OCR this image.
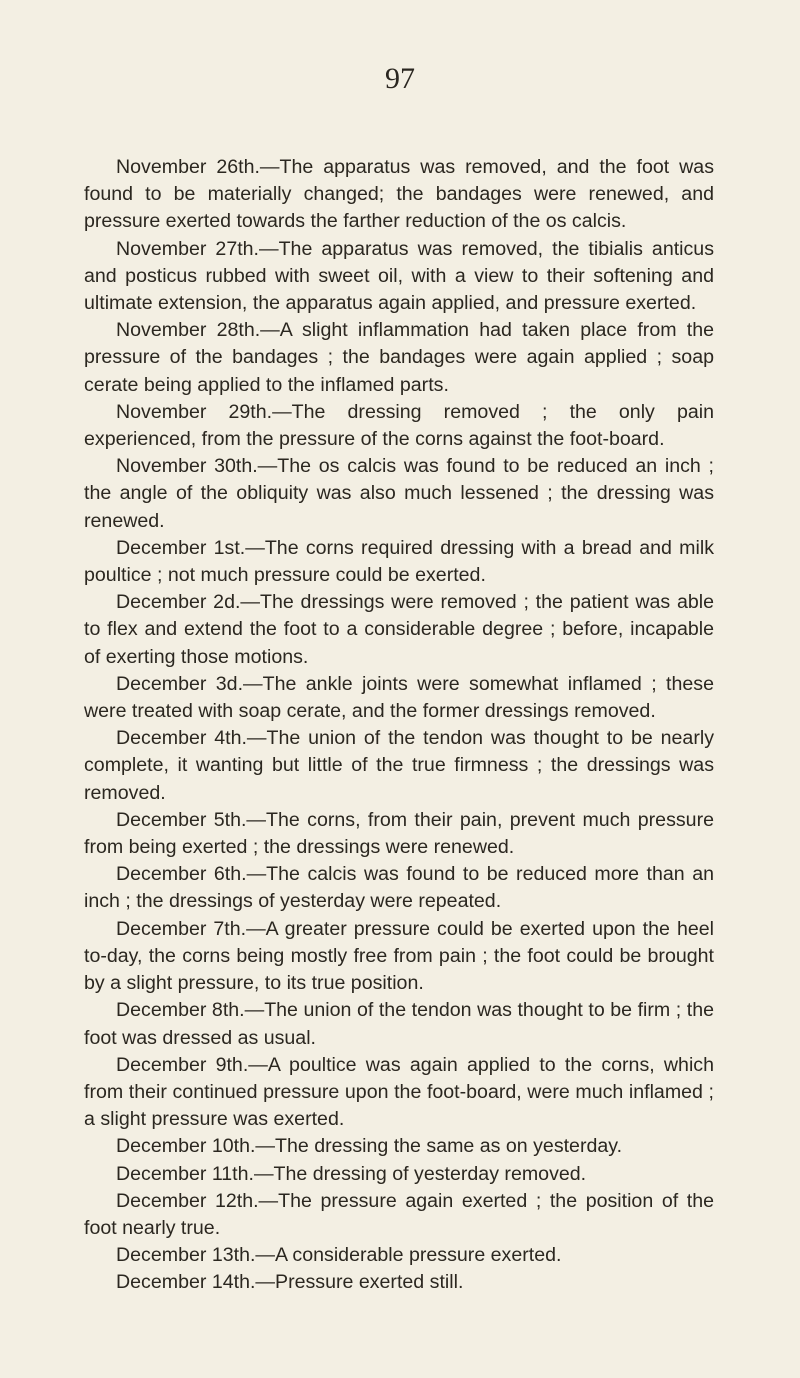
97

November 26th.—The apparatus was removed, and the foot was found to be materially changed; the bandages were renewed, and pressure exerted towards the farther reduction of the os calcis.

November 27th.—The apparatus was removed, the tibialis anticus and posticus rubbed with sweet oil, with a view to their softening and ultimate extension, the apparatus again applied, and pressure exerted.

November 28th.—A slight inflammation had taken place from the pressure of the bandages ; the bandages were again applied ; soap cerate being applied to the inflamed parts.

November 29th.—The dressing removed ; the only pain experienced, from the pressure of the corns against the foot-board.

November 30th.—The os calcis was found to be reduced an inch ; the angle of the obliquity was also much lessened ; the dressing was renewed.

December 1st.—The corns required dressing with a bread and milk poultice ; not much pressure could be exerted.

December 2d.—The dressings were removed ; the patient was able to flex and extend the foot to a considerable degree ; before, incapable of exerting those motions.

December 3d.—The ankle joints were somewhat inflamed ; these were treated with soap cerate, and the former dressings removed.

December 4th.—The union of the tendon was thought to be nearly complete, it wanting but little of the true firmness ; the dressings was removed.

December 5th.—The corns, from their pain, prevent much pressure from being exerted ; the dressings were renewed.

December 6th.—The calcis was found to be reduced more than an inch ; the dressings of yesterday were repeated.

December 7th.—A greater pressure could be exerted upon the heel to-day, the corns being mostly free from pain ; the foot could be brought by a slight pressure, to its true position.

December 8th.—The union of the tendon was thought to be firm ; the foot was dressed as usual.

December 9th.—A poultice was again applied to the corns, which from their continued pressure upon the foot-board, were much inflamed ; a slight pressure was exerted.

December 10th.—The dressing the same as on yesterday.

December 11th.—The dressing of yesterday removed.

December 12th.—The pressure again exerted ; the position of the foot nearly true.

December 13th.—A considerable pressure exerted.

December 14th.—Pressure exerted still.
